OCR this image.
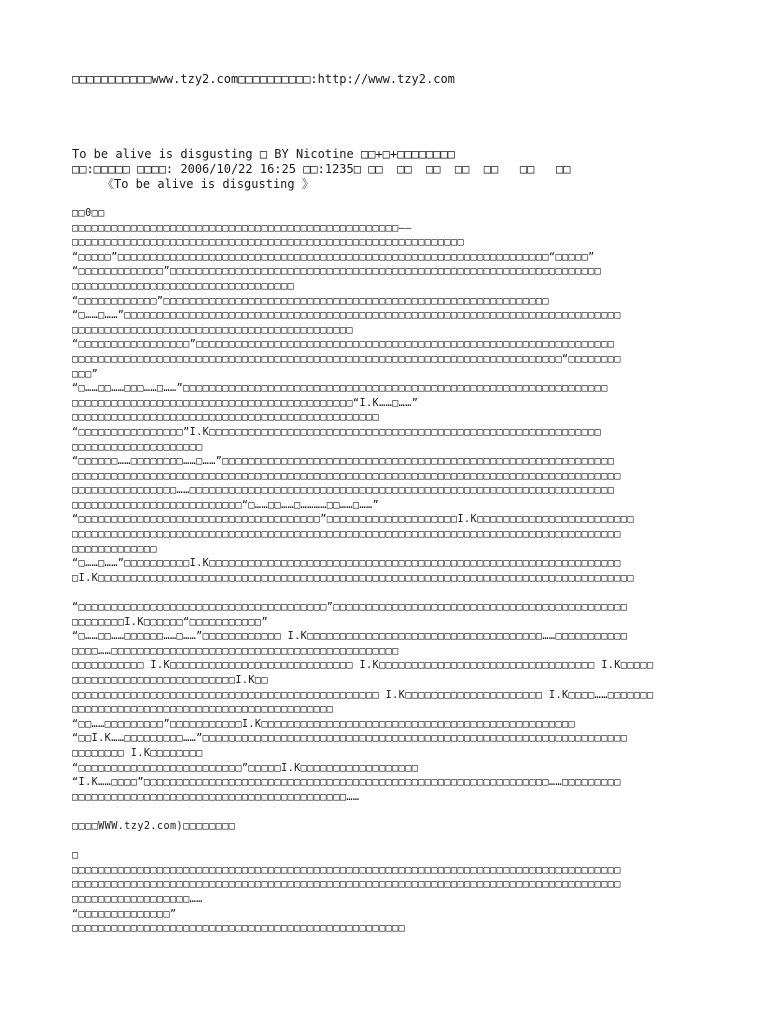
□□□□□□□□□□□www.tzy2.com□□□□□□□□□□:http://www.tzy2.com
To be alive is disgusting □ BY Nicotine □□+□+□□□□□□□□
□□:□□□□□ □□□□: 2006/10/22 16:25 □□:1235□ □□  □□  □□  □□  □□   □□   □□
《To be alive is disgusting 》
□□0□□
□□□□□□□□□□□□□□□□□□□□□□□□□□□□□□□□□□□□□□□□□□□□□□□□□□——
□□□□□□□□□□□□□□□□□□□□□□□□□□□□□□□□□□□□□□□□□□□□□□□□□□□□□□□□□□□□
“□□□□□”□□□□□□□□□□□□□□□□□□□□□□□□□□□□□□□□□□□□□□□□□□□□□□□□□□□□□□□□□□□□□□□□□□“□□□□□”
“□□□□□□□□□□□□□”□□□□□□□□□□□□□□□□□□□□□□□□□□□□□□□□□□□□□□□□□□□□□□□□□□□□□□□□□□□□□□□□□□
□□□□□□□□□□□□□□□□□□□□□□□□□□□□□□□□□□
“□□□□□□□□□□□□”□□□□□□□□□□□□□□□□□□□□□□□□□□□□□□□□□□□□□□□□□□□□□□□□□□□□□□□□□□□
“□……□……”□□□□□□□□□□□□□□□□□□□□□□□□□□□□□□□□□□□□□□□□□□□□□□□□□□□□□□□□□□□□□□□□□□□□□□□□□□□□
□□□□□□□□□□□□□□□□□□□□□□□□□□□□□□□□□□□□□□□□□□□
“□□□□□□□□□□□□□□□□□”□□□□□□□□□□□□□□□□□□□□□□□□□□□□□□□□□□□□□□□□□□□□□□□□□□□□□□□□□□□□□□□□
□□□□□□□□□□□□□□□□□□□□□□□□□□□□□□□□□□□□□□□□□□□□□□□□□□□□□□□□□□□□□□□□□□□□□□□□□□□“□□□□□□□□
□□□”
“□……□□……□□□……□……”□□□□□□□□□□□□□□□□□□□□□□□□□□□□□□□□□□□□□□□□□□□□□□□□□□□□□□□□□□□□□□□□□
□□□□□□□□□□□□□□□□□□□□□□□□□□□□□□□□□□□□□□□□□□□“I.K……□……”
□□□□□□□□□□□□□□□□□□□□□□□□□□□□□□□□□□□□□□□□□□□□□□□
“□□□□□□□□□□□□□□□□”I.K□□□□□□□□□□□□□□□□□□□□□□□□□□□□□□□□□□□□□□□□□□□□□□□□□□□□□□□□□□□□
□□□□□□□□□□□□□□□□□□□□
“□□□□□□……□□□□□□□□……□……”□□□□□□□□□□□□□□□□□□□□□□□□□□□□□□□□□□□□□□□□□□□□□□□□□□□□□□□□□□□□
□□□□□□□□□□□□□□□□□□□□□□□□□□□□□□□□□□□□□□□□□□□□□□□□□□□□□□□□□□□□□□□□□□□□□□□□□□□□□□□□□□□□
□□□□□□□□□□□□□□□□……□□□□□□□□□□□□□□□□□□□□□□□□□□□□□□□□□□□□□□□□□□□□□□□□□□□□□□□□□□□□□□□□□
□□□□□□□□□□□□□□□□□□□□□□□□□□“□……□□……□…………□□……□……”
“□□□□□□□□□□□□□□□□□□□□□□□□□□□□□□□□□□□□□”□□□□□□□□□□□□□□□□□□□□I.K□□□□□□□□□□□□□□□□□□□□□□□□
□□□□□□□□□□□□□□□□□□□□□□□□□□□□□□□□□□□□□□□□□□□□□□□□□□□□□□□□□□□□□□□□□□□□□□□□□□□□□□□□□□□□
□□□□□□□□□□□□□
“□……□……”□□□□□□□□□□I.K□□□□□□□□□□□□□□□□□□□□□□□□□□□□□□□□□□□□□□□□□□□□□□□□□□□□□□□□□□□□□□□
□I.K□□□□□□□□□□□□□□□□□□□□□□□□□□□□□□□□□□□□□□□□□□□□□□□□□□□□□□□□□□□□□□□□□□□□□□□□□□□□□□□□□□

“□□□□□□□□□□□□□□□□□□□□□□□□□□□□□□□□□□□□□□”□□□□□□□□□□□□□□□□□□□□□□□□□□□□□□□□□□□□□□□□□□□□□
□□□□□□□□I.K□□□□□□“□□□□□□□□□□□”
“□……□□……□□□□□□……□……”□□□□□□□□□□□□ I.K□□□□□□□□□□□□□□□□□□□□□□□□□□□□□□□□□□□□……□□□□□□□□□□□
□□□□……□□□□□□□□□□□□□□□□□□□□□□□□□□□□□□□□□□□□□□□□□□□□
□□□□□□□□□□□ I.K□□□□□□□□□□□□□□□□□□□□□□□□□□□□ I.K□□□□□□□□□□□□□□□□□□□□□□□□□□□□□□□□□ I.K□□□□□
□□□□□□□□□□□□□□□□□□□□□□□□□I.K□□
□□□□□□□□□□□□□□□□□□□□□□□□□□□□□□□□□□□□□□□□□□□□□□□ I.K□□□□□□□□□□□□□□□□□□□□□ I.K□□□□……□□□□□□□
□□□□□□□□□□□□□□□□□□□□□□□□□□□□□□□□□□□□□□□□
“□□……□□□□□□□□□”□□□□□□□□□□□I.K□□□□□□□□□□□□□□□□□□□□□□□□□□□□□□□□□□□□□□□□□□□□□□□□
“□□I.K……□□□□□□□□□……”□□□□□□□□□□□□□□□□□□□□□□□□□□□□□□□□□□□□□□□□□□□□□□□□□□□□□□□□□□□□□□□□□
□□□□□□□□ I.K□□□□□□□□
“□□□□□□□□□□□□□□□□□□□□□□□□□”□□□□□I.K□□□□□□□□□□□□□□□□□□
“I.K……□□□□”□□□□□□□□□□□□□□□□□□□□□□□□□□□□□□□□□□□□□□□□□□□□□□□□□□□□□□□□□□□□□□……□□□□□□□□□
□□□□□□□□□□□□□□□□□□□□□□□□□□□□□□□□□□□□□□□□□□……

□□□□WWW.tzy2.com)□□□□□□□□

□
□□□□□□□□□□□□□□□□□□□□□□□□□□□□□□□□□□□□□□□□□□□□□□□□□□□□□□□□□□□□□□□□□□□□□□□□□□□□□□□□□□□□
□□□□□□□□□□□□□□□□□□□□□□□□□□□□□□□□□□□□□□□□□□□□□□□□□□□□□□□□□□□□□□□□□□□□□□□□□□□□□□□□□□□□
□□□□□□□□□□□□□□□□□□……
“□□□□□□□□□□□□□□”
□□□□□□□□□□□□□□□□□□□□□□□□□□□□□□□□□□□□□□□□□□□□□□□□□□□
